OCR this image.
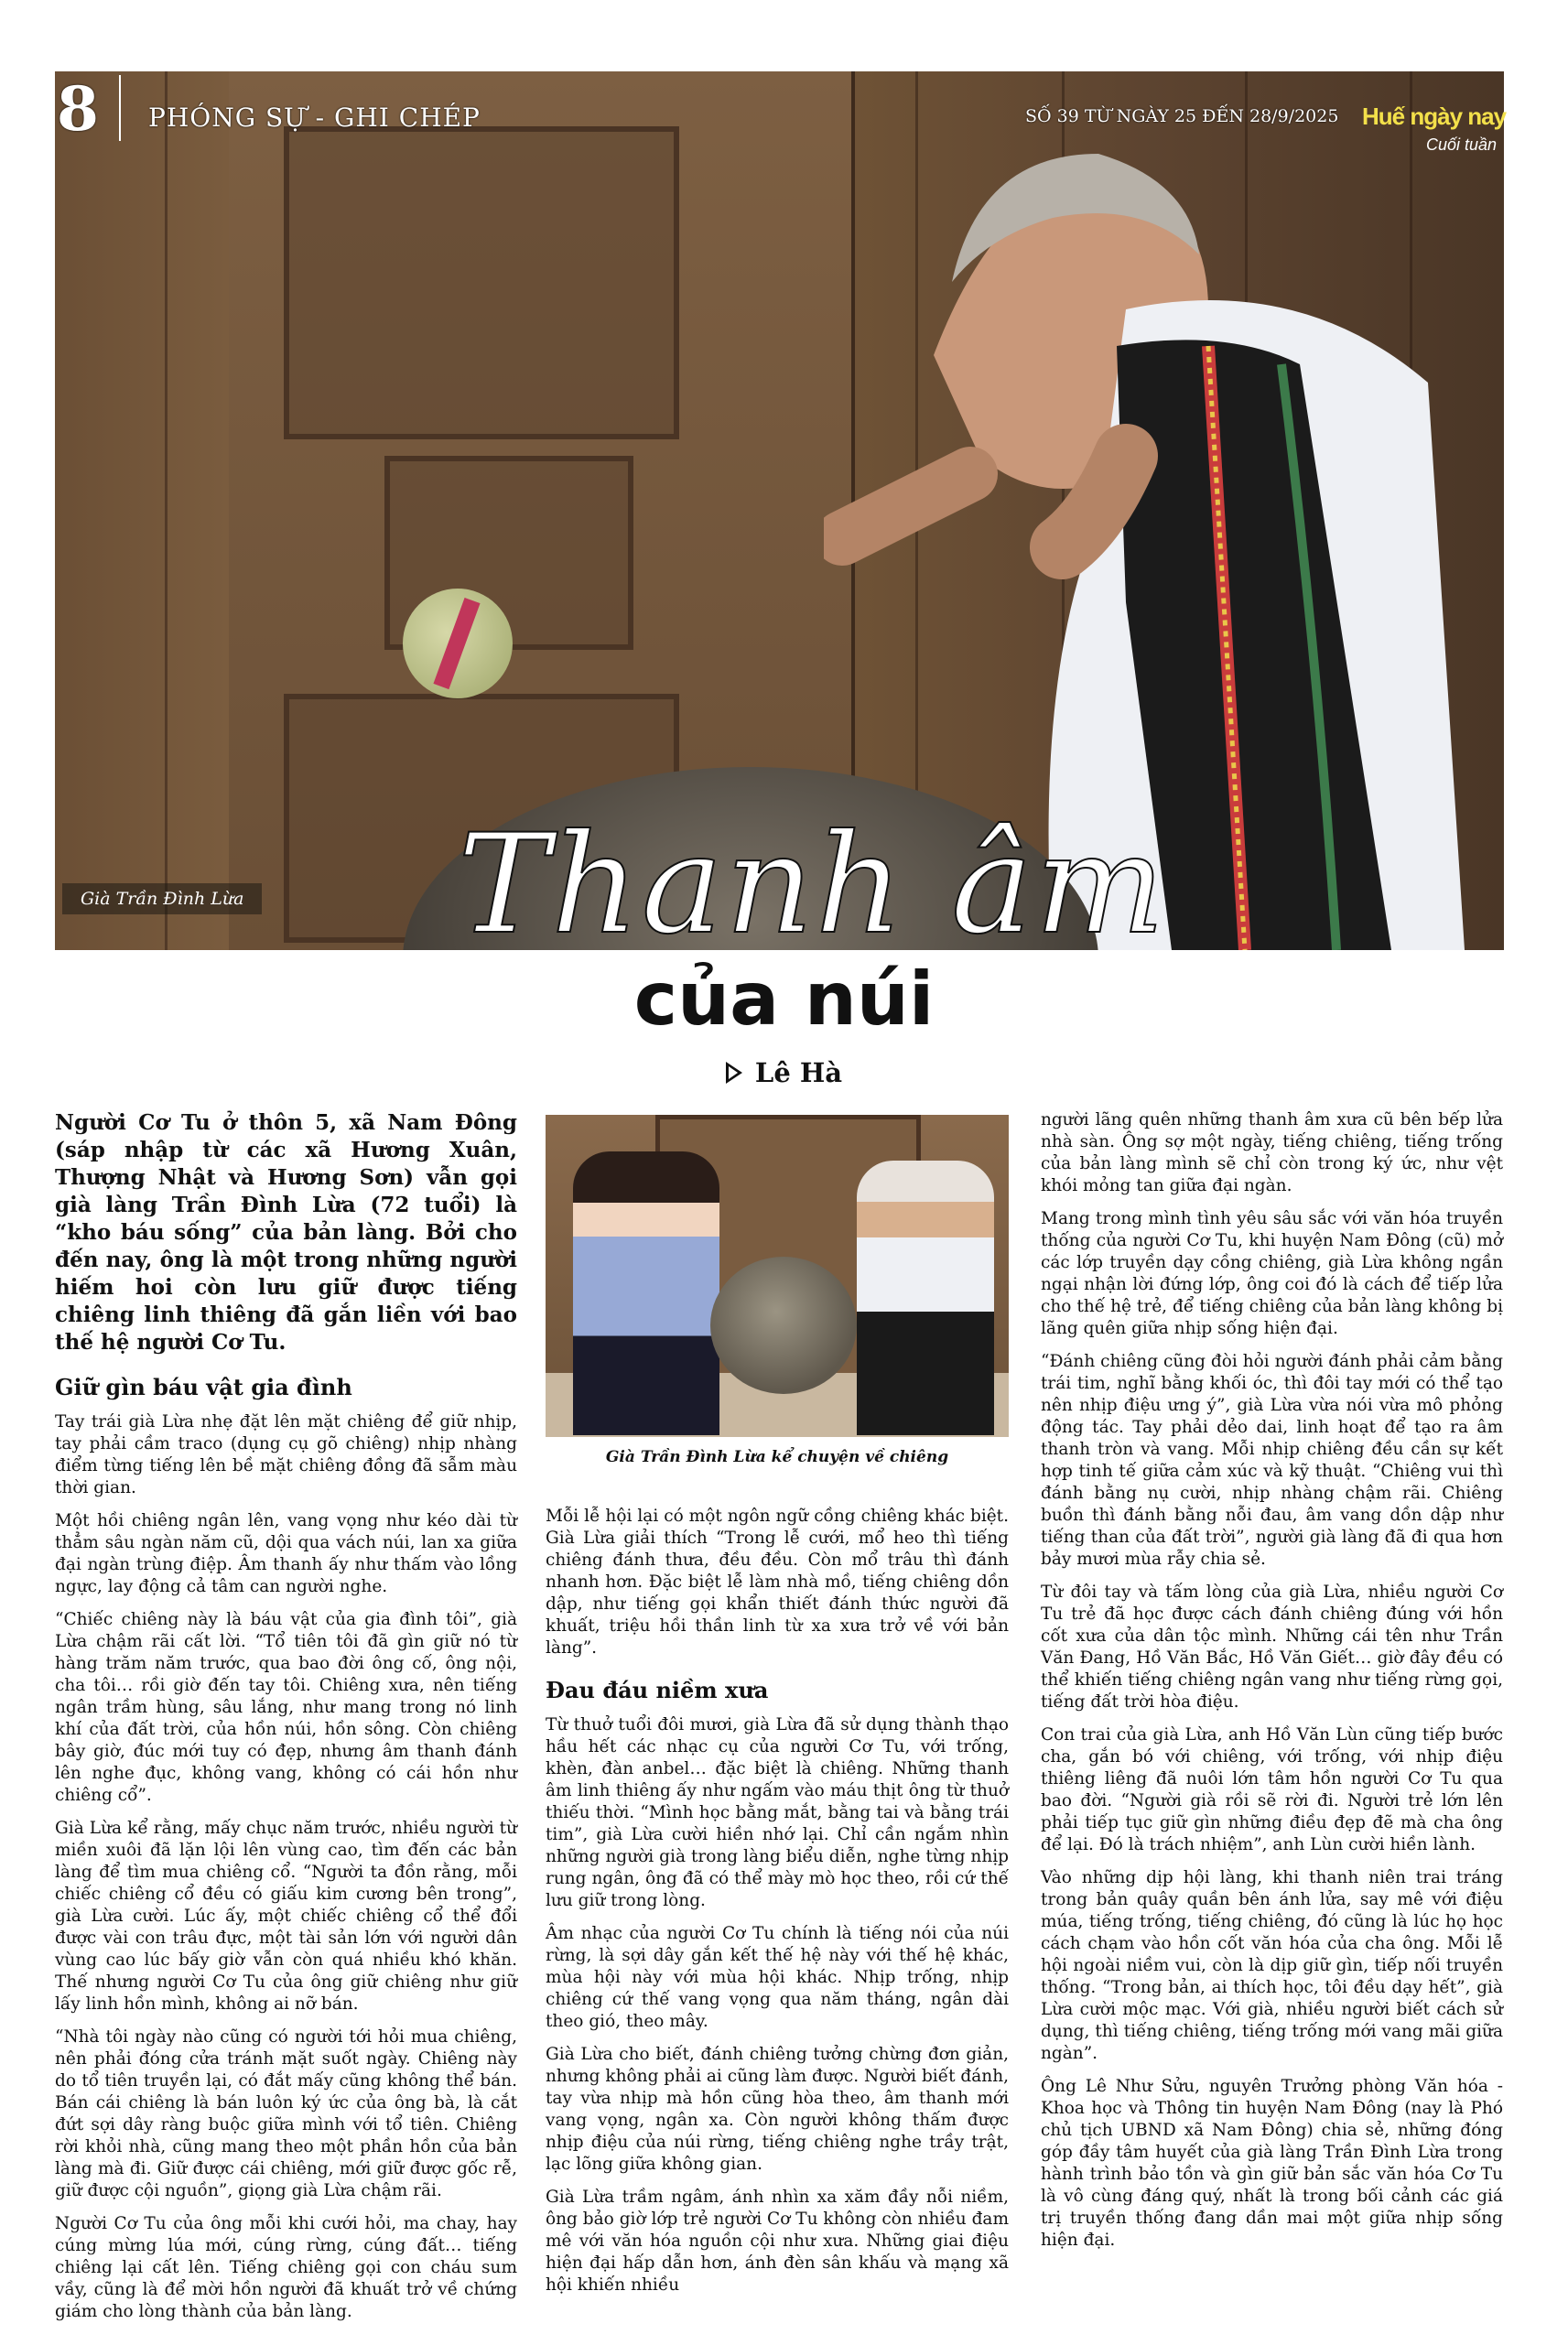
8 PHÓNG SỰ - GHI CHÉP	SỐ 39 TỪ NGÀY 25 ĐẾN 28/9/2025 Huế ngày nay
Cuối tuần
Già Trần Đình Lừa Thanh âm
của núi
Lê Hà

Người Cơ Tu ở thôn 5, xã Nam Đông (sáp nhập từ các xã Hương Xuân, Thượng Nhật và Hương Sơn) vẫn gọi già làng Trần Đình Lừa (72 tuổi) là “kho báu sống” của bản làng. Bởi cho đến nay, ông là một trong những người hiếm hoi còn lưu giữ được tiếng chiêng linh thiêng đã gắn liền với bao thế hệ người Cơ Tu.

Giữ gìn báu vật gia đình

Tay trái già Lừa nhẹ đặt lên mặt chiêng để giữ nhịp, tay phải cầm traco (dụng cụ gõ chiêng) nhịp nhàng điểm từng tiếng lên bề mặt chiêng đồng đã sẫm màu thời gian.

Một hồi chiêng ngân lên, vang vọng như kéo dài từ thẳm sâu ngàn năm cũ, dội qua vách núi, lan xa giữa đại ngàn trùng điệp. Âm thanh ấy như thấm vào lồng ngực, lay động cả tâm can người nghe.

“Chiếc chiêng này là báu vật của gia đình tôi”, già Lừa chậm rãi cất lời. “Tổ tiên tôi đã gìn giữ nó từ hàng trăm năm trước, qua bao đời ông cố, ông nội, cha tôi… rồi giờ đến tay tôi. Chiêng xưa, nên tiếng ngân trầm hùng, sâu lắng, như mang trong nó linh khí của đất trời, của hồn núi, hồn sông. Còn chiêng bây giờ, đúc mới tuy có đẹp, nhưng âm thanh đánh lên nghe đục, không vang, không có cái hồn như chiêng cổ”.

Già Lừa kể rằng, mấy chục năm trước, nhiều người từ miền xuôi đã lặn lội lên vùng cao, tìm đến các bản làng để tìm mua chiêng cổ. “Người ta đồn rằng, mỗi chiếc chiêng cổ đều có giấu kim cương bên trong”, già Lừa cười. Lúc ấy, một chiếc chiêng cổ thể đổi được vài con trâu đực, một tài sản lớn với người dân vùng cao lúc bấy giờ vẫn còn quá nhiều khó khăn. Thế nhưng người Cơ Tu của ông giữ chiêng như giữ lấy linh hồn mình, không ai nỡ bán.

“Nhà tôi ngày nào cũng có người tới hỏi mua chiêng, nên phải đóng cửa tránh mặt suốt ngày. Chiêng này do tổ tiên truyền lại, có đắt mấy cũng không thể bán. Bán cái chiêng là bán luôn ký ức của ông bà, là cắt đứt sợi dây ràng buộc giữa mình với tổ tiên. Chiêng rời khỏi nhà, cũng mang theo một phần hồn của bản làng mà đi. Giữ được cái chiêng, mới giữ được gốc rễ, giữ được cội nguồn”, giọng già Lừa chậm rãi.

Người Cơ Tu của ông mỗi khi cưới hỏi, ma chay, hay cúng mừng lúa mới, cúng rừng, cúng đất… tiếng chiêng lại cất lên. Tiếng chiêng gọi con cháu sum vầy, cũng là để mời hồn người đã khuất trở về chứng giám cho lòng thành của bản làng.

Già Trần Đình Lừa kể chuyện về chiêng

Mỗi lễ hội lại có một ngôn ngữ cồng chiêng khác biệt. Già Lừa giải thích “Trong lễ cưới, mổ heo thì tiếng chiêng đánh thưa, đều đều. Còn mổ trâu thì đánh nhanh hơn. Đặc biệt lễ làm nhà mồ, tiếng chiêng dồn dập, như tiếng gọi khẩn thiết đánh thức người đã khuất, triệu hồi thần linh từ xa xưa trở về với bản làng”.

Đau đáu niềm xưa

Từ thuở tuổi đôi mươi, già Lừa đã sử dụng thành thạo hầu hết các nhạc cụ của người Cơ Tu, với trống, khèn, đàn anbel… đặc biệt là chiêng. Những thanh âm linh thiêng ấy như ngấm vào máu thịt ông từ thuở thiếu thời. “Mình học bằng mắt, bằng tai và bằng trái tim”, già Lừa cười hiền nhớ lại. Chỉ cần ngắm nhìn những người già trong làng biểu diễn, nghe từng nhịp rung ngân, ông đã có thể mày mò học theo, rồi cứ thế lưu giữ trong lòng.

Âm nhạc của người Cơ Tu chính là tiếng nói của núi rừng, là sợi dây gắn kết thế hệ này với thế hệ khác, mùa hội này với mùa hội khác. Nhịp trống, nhịp chiêng cứ thế vang vọng qua năm tháng, ngân dài theo gió, theo mây.

Già Lừa cho biết, đánh chiêng tưởng chừng đơn giản, nhưng không phải ai cũng làm được. Người biết đánh, tay vừa nhịp mà hồn cũng hòa theo, âm thanh mới vang vọng, ngân xa. Còn người không thấm được nhịp điệu của núi rừng, tiếng chiêng nghe trầy trật, lạc lõng giữa không gian.

Già Lừa trầm ngâm, ánh nhìn xa xăm đầy nỗi niềm, ông bảo giờ lớp trẻ người Cơ Tu không còn nhiều đam mê với văn hóa nguồn cội như xưa. Những giai điệu hiện đại hấp dẫn hơn, ánh đèn sân khấu và mạng xã hội khiến nhiều

người lãng quên những thanh âm xưa cũ bên bếp lửa nhà sàn. Ông sợ một ngày, tiếng chiêng, tiếng trống của bản làng mình sẽ chỉ còn trong ký ức, như vệt khói mỏng tan giữa đại ngàn.

Mang trong mình tình yêu sâu sắc với văn hóa truyền thống của người Cơ Tu, khi huyện Nam Đông (cũ) mở các lớp truyền dạy cồng chiêng, già Lừa không ngần ngại nhận lời đứng lớp, ông coi đó là cách để tiếp lửa cho thế hệ trẻ, để tiếng chiêng của bản làng không bị lãng quên giữa nhịp sống hiện đại.

“Đánh chiêng cũng đòi hỏi người đánh phải cảm bằng trái tim, nghĩ bằng khối óc, thì đôi tay mới có thể tạo nên nhịp điệu ưng ý”, già Lừa vừa nói vừa mô phỏng động tác. Tay phải dẻo dai, linh hoạt để tạo ra âm thanh tròn và vang. Mỗi nhịp chiêng đều cần sự kết hợp tinh tế giữa cảm xúc và kỹ thuật. “Chiêng vui thì đánh bằng nụ cười, nhịp nhàng chậm rãi. Chiêng buồn thì đánh bằng nỗi đau, âm vang dồn dập như tiếng than của đất trời”, người già làng đã đi qua hơn bảy mươi mùa rẫy chia sẻ.

Từ đôi tay và tấm lòng của già Lừa, nhiều người Cơ Tu trẻ đã học được cách đánh chiêng đúng với hồn cốt xưa của dân tộc mình. Những cái tên như Trần Văn Đang, Hồ Văn Bắc, Hồ Văn Giết… giờ đây đều có thể khiến tiếng chiêng ngân vang như tiếng rừng gọi, tiếng đất trời hòa điệu.

Con trai của già Lừa, anh Hồ Văn Lùn cũng tiếp bước cha, gắn bó với chiêng, với trống, với nhịp điệu thiêng liêng đã nuôi lớn tâm hồn người Cơ Tu qua bao đời. “Người già rồi sẽ rời đi. Người trẻ lớn lên phải tiếp tục giữ gìn những điều đẹp đẽ mà cha ông để lại. Đó là trách nhiệm”, anh Lùn cười hiền lành.

Vào những dịp hội làng, khi thanh niên trai tráng trong bản quây quần bên ánh lửa, say mê với điệu múa, tiếng trống, tiếng chiêng, đó cũng là lúc họ học cách chạm vào hồn cốt văn hóa của cha ông. Mỗi lễ hội ngoài niềm vui, còn là dịp giữ gìn, tiếp nối truyền thống. “Trong bản, ai thích học, tôi đều dạy hết”, già Lừa cười mộc mạc. Với già, nhiều người biết cách sử dụng, thì tiếng chiêng, tiếng trống mới vang mãi giữa ngàn”.

Ông Lê Như Sửu, nguyên Trưởng phòng Văn hóa - Khoa học và Thông tin huyện Nam Đông (nay là Phó chủ tịch UBND xã Nam Đông) chia sẻ, những đóng góp đầy tâm huyết của già làng Trần Đình Lừa trong hành trình bảo tồn và gìn giữ bản sắc văn hóa Cơ Tu là vô cùng đáng quý, nhất là trong bối cảnh các giá trị truyền thống đang dần mai một giữa nhịp sống hiện đại.
